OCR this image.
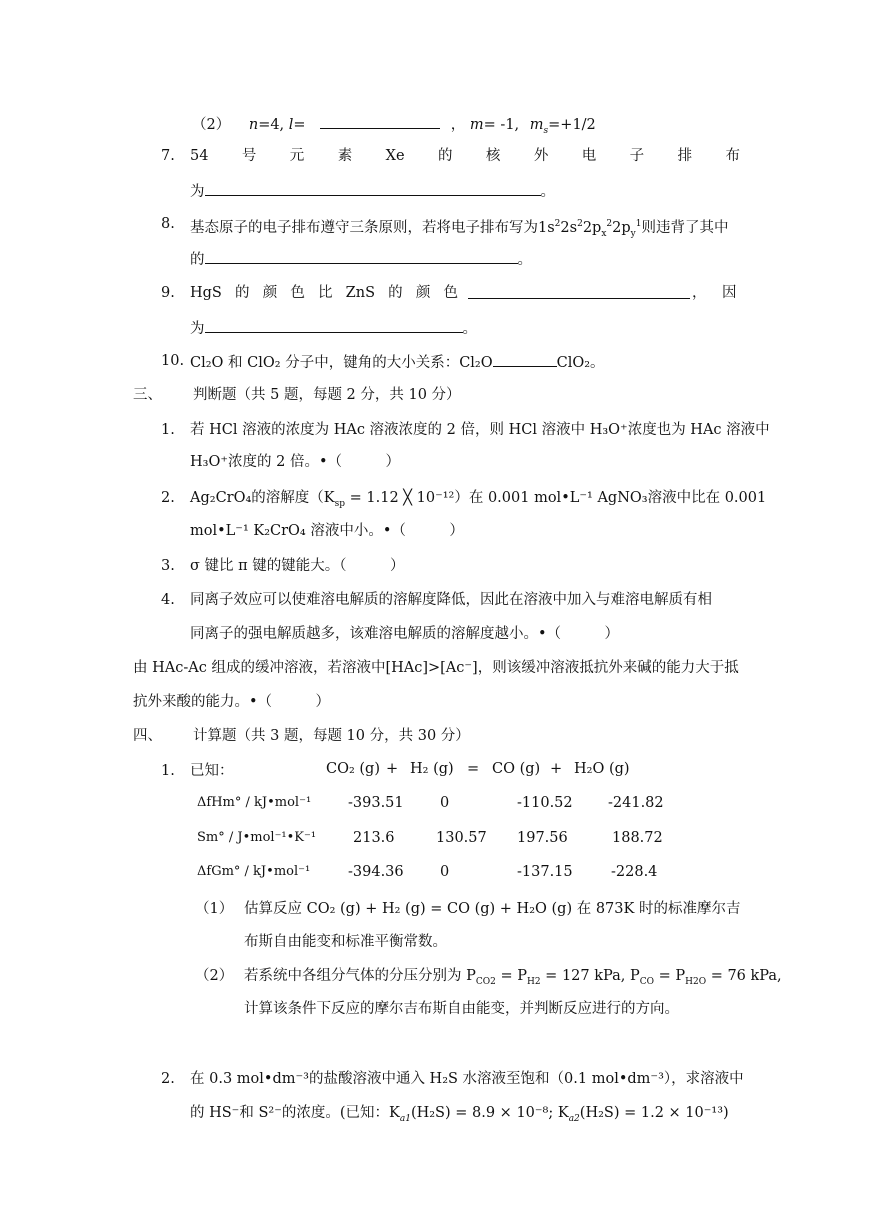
（2） n=4, l=	， m= -1, $m_s=+1/2$
7. 54 号 元 素 Xe 的 核 外 电 子 排 布
为	。
8. 基态原子的电子排布遵守三条原则，若将电子排布写为$1s^22s^22p_x^22p_y^1$则违背了其中
的	。
9. HgS 的 颜 色 比 ZnS 的 颜 色	， 因
为	。
10. Cl₂O 和 ClO₂ 分子中，键角的大小关系：Cl₂O	ClO₂。
三、 判断题（共 5 题，每题 2 分，共 10 分）
1. 若 HCl 溶液的浓度为 HAc 溶液浓度的 2 倍，则 HCl 溶液中 H₃O⁺浓度也为 HAc 溶液中
H₃O⁺浓度的 2 倍。•（　　　）
2. Ag₂CrO₄的溶解度（$K_{sp} = 1.12$ ╳ 10⁻¹²）在 0.001 mol•L⁻¹ AgNO₃溶液中比在 0.001
mol•L⁻¹ K₂CrO₄ 溶液中小。•（　　　）
3. σ 键比 π 键的键能大。（　　　）
4. 同离子效应可以使难溶电解质的溶解度降低，因此在溶液中加入与难溶电解质有相
同离子的强电解质越多，该难溶电解质的溶解度越小。•（　　　）
由 HAc-Ac 组成的缓冲溶液，若溶液中[HAc]>[Ac⁻]，则该缓冲溶液抵抗外来碱的能力大于抵
抗外来酸的能力。•（　　　）
四、 计算题（共 3 题，每题 10 分，共 30 分）
1. 已知：	CO₂ (g) + H₂ (g) = CO (g) + H₂O (g)
ΔfHm° / kJ•mol⁻¹	-393.51	0	-110.52 -241.82
Sm° / J•mol⁻¹•K⁻¹	213.6	130.57 197.56	188.72
ΔfGm° / kJ•mol⁻¹	-394.36	0	-137.15	-228.4
（1） 估算反应 CO₂ (g) + H₂ (g) = CO (g) + H₂O (g) 在 873K 时的标准摩尔吉
布斯自由能变和标准平衡常数。
（2） 若系统中各组分气体的分压分别为 $P_{CO2} = P_{H2} = 127$ kPa, $P_{CO} = P_{H2O} = 76$ kPa,
计算该条件下反应的摩尔吉布斯自由能变，并判断反应进行的方向。
2. 在 0.3 mol•dm⁻³的盐酸溶液中通入 H₂S 水溶液至饱和（0.1 mol•dm⁻³），求溶液中
的 HS⁻和 S²⁻的浓度。(已知：$K_{a1}(H_2S) = 8.9 \times 10^{-8}$; $K_{a2}(H_2S) = 1.2 \times 10^{-13}$)
